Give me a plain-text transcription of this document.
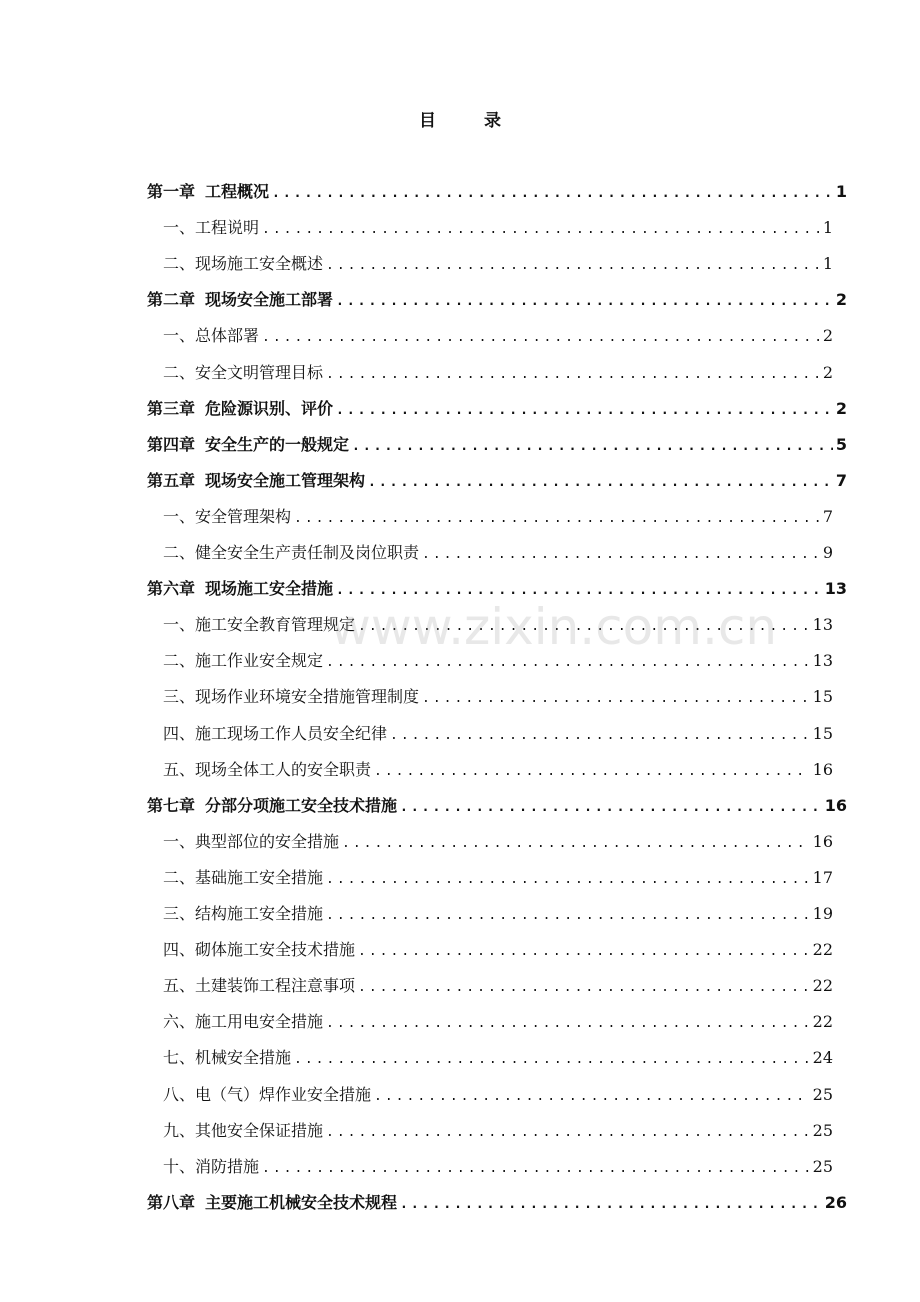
目录
第一章 工程概况 .....	1
一、 工程说明 .....	1
二、 现场施工安全概述 .....	1
第二章 现场安全施工部署 .....	2
一、 总体部署 .....	2
二、 安全文明管理目标 .....	2
第三章 危险源识别、评价 .....	2
第四章 安全生产的一般规定 .....	5
第五章 现场安全施工管理架构 .....	7
一、 安全管理架构 .....	7
二、 健全安全生产责任制及岗位职责 .....	9
第六章 现场施工安全措施 .....	13
一、 施工安全教育管理规定 .....	13
二、 施工作业安全规定 .....	13
三、 现场作业环境安全措施管理制度 .....	15
四、 施工现场工作人员安全纪律 .....	15
五、 现场全体工人的安全职责 .....	16
第七章 分部分项施工安全技术措施 .....	16
一、 典型部位的安全措施 .....	16
二、 基础施工安全措施 .....	17
三、 结构施工安全措施 .....	19
四、 砌体施工安全技术措施 .....	22
五、 土建装饰工程注意事项 .....	22
六、 施工用电安全措施 .....	22
七、 机械安全措施 .....	24
八、 电（气）焊作业安全措施 .....	25
九、 其他安全保证措施 .....	25
十、 消防措施 .....	25
第八章 主要施工机械安全技术规程 .....	26
www.zixin.com.cn
